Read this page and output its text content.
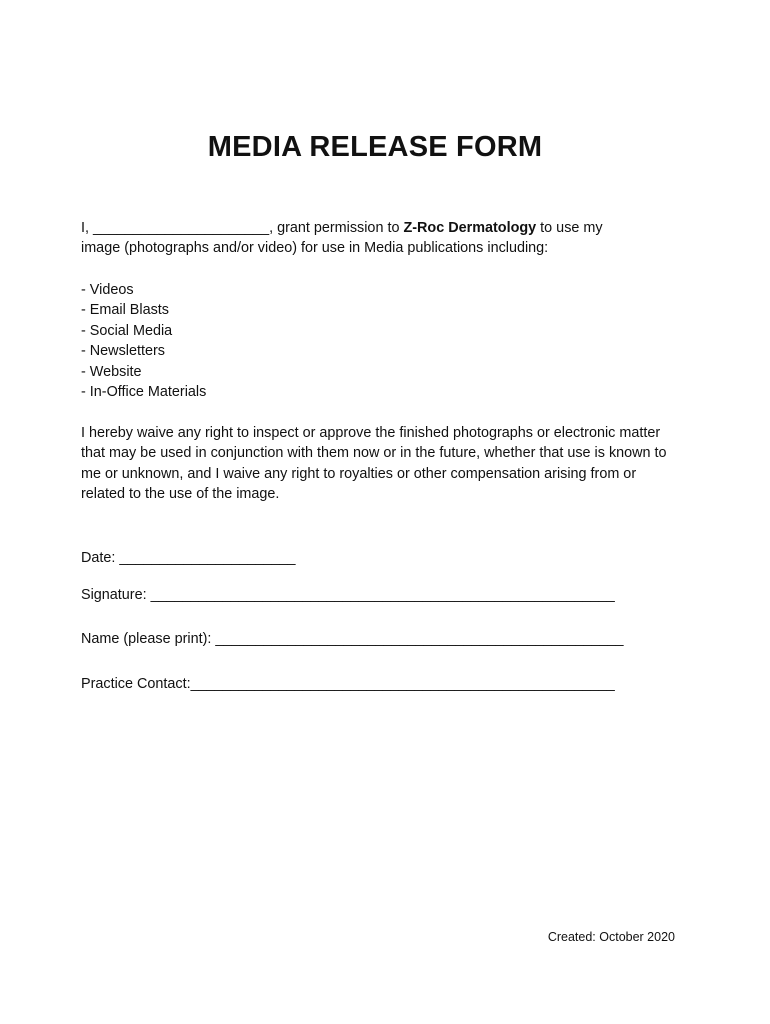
MEDIA RELEASE FORM
I, ______________________, grant permission to Z-Roc Dermatology to use my
image (photographs and/or video) for use in Media publications including:
- Videos
- Email Blasts
- Social Media
- Newsletters
- Website
- In-Office Materials
I hereby waive any right to inspect or approve the finished photographs or electronic matter that may be used in conjunction with them now or in the future, whether that use is known to me or unknown, and I waive any right to royalties or other compensation arising from or related to the use of the image.
Date: ______________________
Signature: __________________________________________________________
Name (please print): ___________________________________________________
Practice Contact:_____________________________________________________
Created: October 2020
